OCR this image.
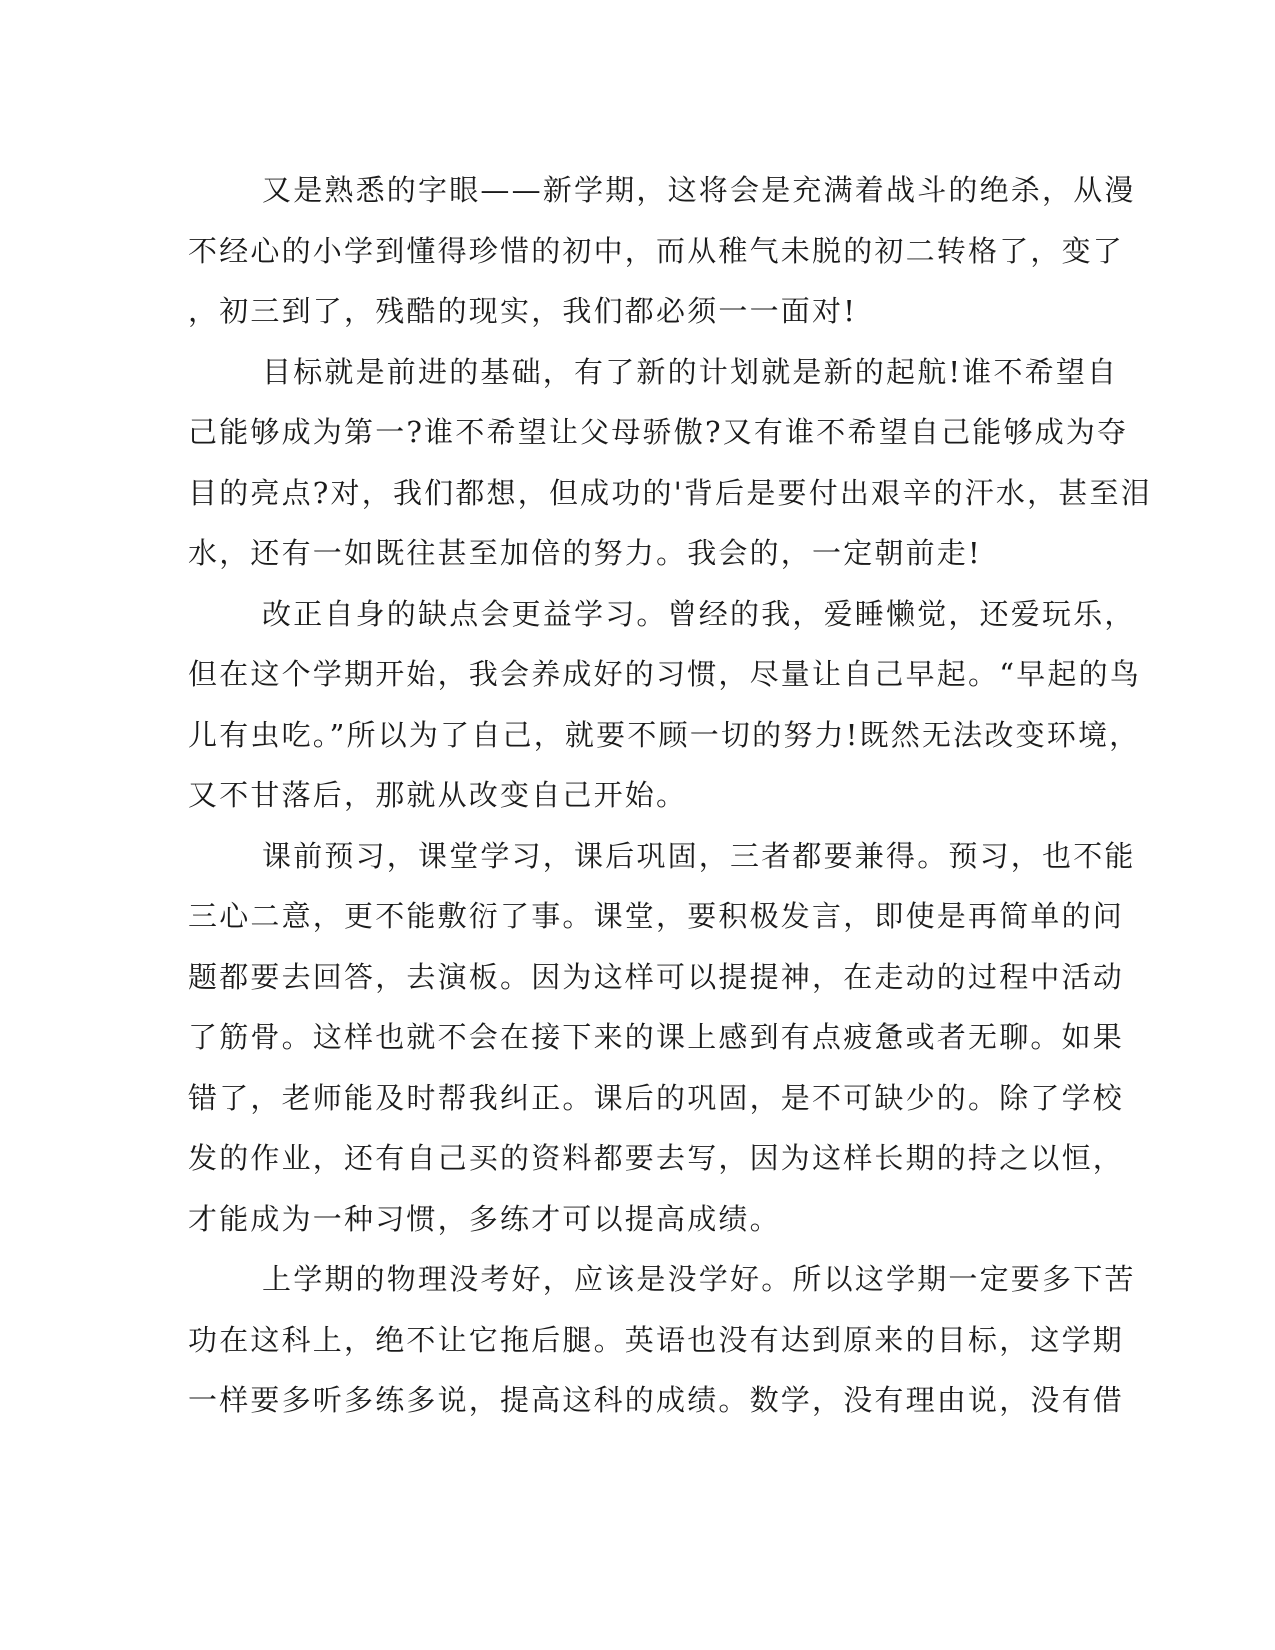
又是熟悉的字眼——新学期，这将会是充满着战斗的绝杀，从漫
不经心的小学到懂得珍惜的初中，而从稚气未脱的初二转格了，变了
，初三到了，残酷的现实，我们都必须一一面对!
目标就是前进的基础，有了新的计划就是新的起航!谁不希望自
己能够成为第一?谁不希望让父母骄傲?又有谁不希望自己能够成为夺
目的亮点?对，我们都想，但成功的'背后是要付出艰辛的汗水，甚至泪
水，还有一如既往甚至加倍的努力。我会的，一定朝前走!
改正自身的缺点会更益学习。曾经的我，爱睡懒觉，还爱玩乐，
但在这个学期开始，我会养成好的习惯，尽量让自己早起。“早起的鸟
儿有虫吃。”所以为了自己，就要不顾一切的努力!既然无法改变环境，
又不甘落后，那就从改变自己开始。
课前预习，课堂学习，课后巩固，三者都要兼得。预习，也不能
三心二意，更不能敷衍了事。课堂，要积极发言，即使是再简单的问
题都要去回答，去演板。因为这样可以提提神，在走动的过程中活动
了筋骨。这样也就不会在接下来的课上感到有点疲惫或者无聊。如果
错了，老师能及时帮我纠正。课后的巩固，是不可缺少的。除了学校
发的作业，还有自己买的资料都要去写，因为这样长期的持之以恒，
才能成为一种习惯，多练才可以提高成绩。
上学期的物理没考好，应该是没学好。所以这学期一定要多下苦
功在这科上，绝不让它拖后腿。英语也没有达到原来的目标，这学期
一样要多听多练多说，提高这科的成绩。数学，没有理由说，没有借
